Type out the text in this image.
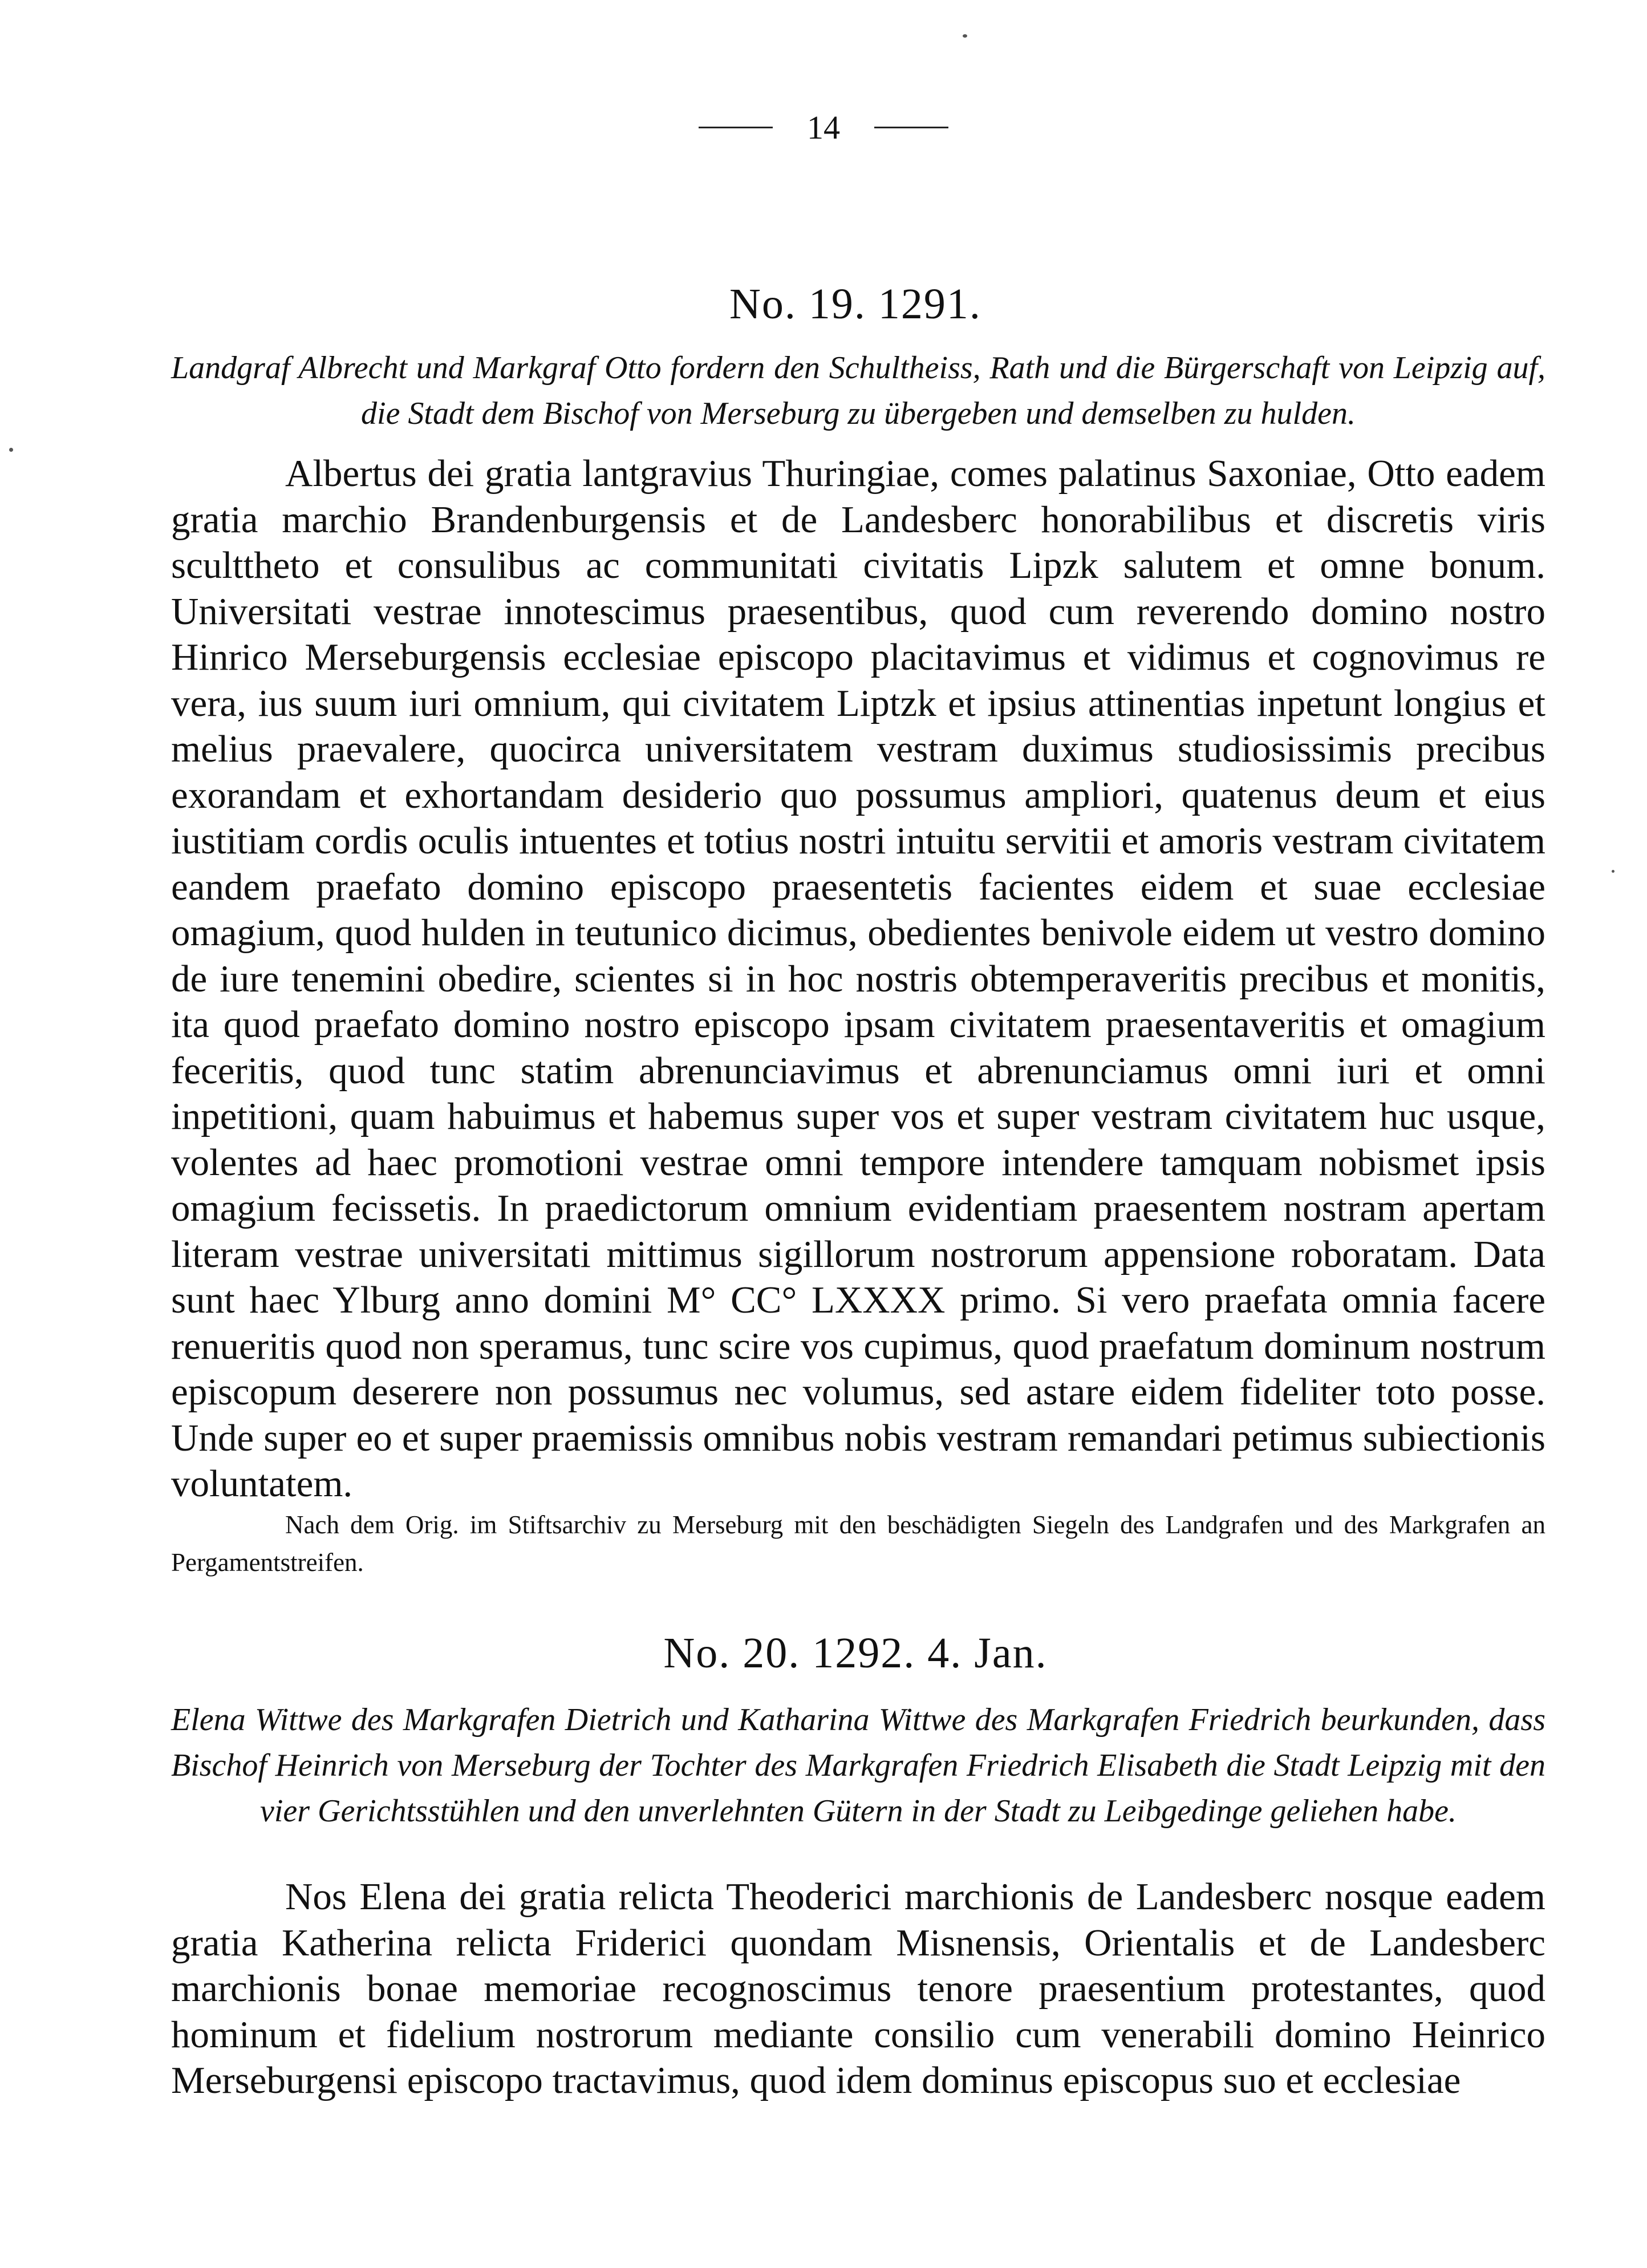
14
No. 19. 1291.
Landgraf Albrecht und Markgraf Otto fordern den Schultheiss, Rath und die Bürgerschaft von Leipzig auf, die Stadt dem Bischof von Merseburg zu übergeben und demselben zu hulden.
Albertus dei gratia lantgravius Thuringiae, comes palatinus Saxoniae, Otto eadem gratia marchio Brandenburgensis et de Landesberc honorabilibus et discretis viris sculttheto et consulibus ac communitati civitatis Lipzk salutem et omne bonum. Universitati vestrae innotescimus praesentibus, quod cum reverendo domino nostro Hinrico Merseburgensis ecclesiae episcopo placitavimus et vidimus et cognovimus re vera, ius suum iuri omnium, qui civitatem Liptzk et ipsius attinentias inpetunt longius et melius praevalere, quocirca universitatem vestram duximus studiosissimis precibus exorandam et exhortandam desiderio quo possumus ampliori, quatenus deum et eius iustitiam cordis oculis intuentes et totius nostri intuitu servitii et amoris vestram civitatem eandem praefato domino episcopo praesentetis facientes eidem et suae ecclesiae omagium, quod hulden in teutunico dicimus, obedientes benivole eidem ut vestro domino de iure tenemini obedire, scientes si in hoc nostris obtemperaveritis precibus et monitis, ita quod praefato domino nostro episcopo ipsam civitatem praesentaveritis et omagium feceritis, quod tunc statim abrenunciavimus et abrenunciamus omni iuri et omni inpetitioni, quam habuimus et habemus super vos et super vestram civitatem huc usque, volentes ad haec promotioni vestrae omni tempore intendere tamquam nobismet ipsis omagium fecissetis. In praedictorum omnium evidentiam praesentem nostram apertam literam vestrae universitati mittimus sigillorum nostrorum appensione roboratam. Data sunt haec Ylburg anno domini M° CC° LXXXX primo. Si vero praefata omnia facere renueritis quod non speramus, tunc scire vos cupimus, quod praefatum dominum nostrum episcopum deserere non possumus nec volumus, sed astare eidem fideliter toto posse. Unde super eo et super praemissis omnibus nobis vestram remandari petimus subiectionis voluntatem.
Nach dem Orig. im Stiftsarchiv zu Merseburg mit den beschädigten Siegeln des Landgrafen und des Markgrafen an Pergamentstreifen.
No. 20. 1292. 4. Jan.
Elena Wittwe des Markgrafen Dietrich und Katharina Wittwe des Markgrafen Friedrich beurkunden, dass Bischof Heinrich von Merseburg der Tochter des Markgrafen Friedrich Elisabeth die Stadt Leipzig mit den vier Gerichtsstühlen und den unverlehnten Gütern in der Stadt zu Leibgedinge geliehen habe.
Nos Elena dei gratia relicta Theoderici marchionis de Landesberc nosque eadem gratia Katherina relicta Friderici quondam Misnensis, Orientalis et de Landesberc marchionis bonae memoriae recognoscimus tenore praesentium protestantes, quod hominum et fidelium nostrorum mediante consilio cum venerabili domino Heinrico Merseburgensi episcopo tractavimus, quod idem dominus episcopus suo et ecclesiae
